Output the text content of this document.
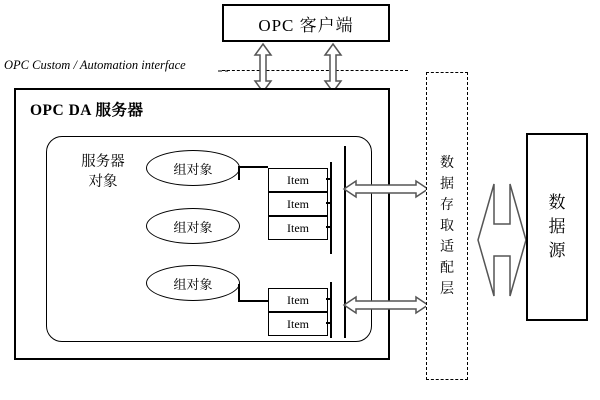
OPC 客户端
OPC Custom / Automation interface
OPC DA 服务器
服务器
对象
组对象
组对象
组对象
Item
Item
Item
Item
Item
数据存取适配层
数据源
